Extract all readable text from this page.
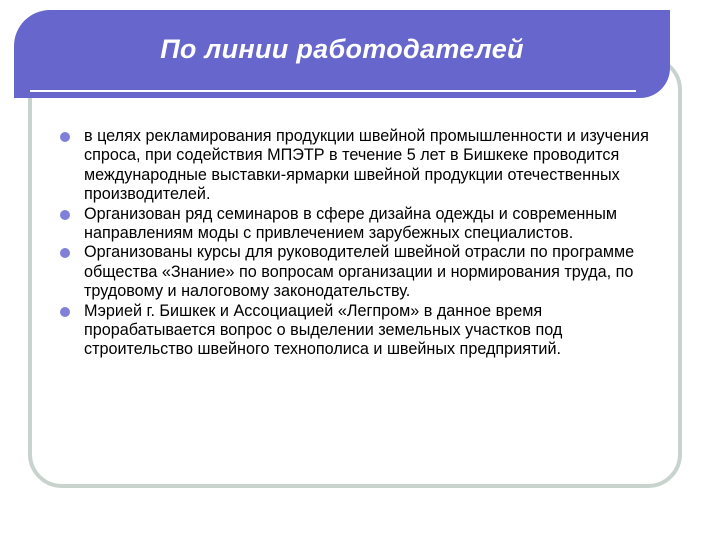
По линии работодателей
в целях рекламирования продукции швейной промышленности и изучения спроса, при содействия МПЭТР в течение 5 лет в Бишкеке проводится международные выставки-ярмарки швейной продукции отечественных производителей.
Организован ряд семинаров в сфере дизайна одежды и современным направлениям моды с привлечением зарубежных специалистов.
Организованы курсы для руководителей швейной отрасли по программе общества «Знание» по вопросам организации и нормирования труда, по трудовому и налоговому законодательству.
Мэрией г. Бишкек и Ассоциацией «Легпром» в данное время прорабатывается вопрос о выделении земельных участков под строительство швейного технополиса и швейных предприятий.
